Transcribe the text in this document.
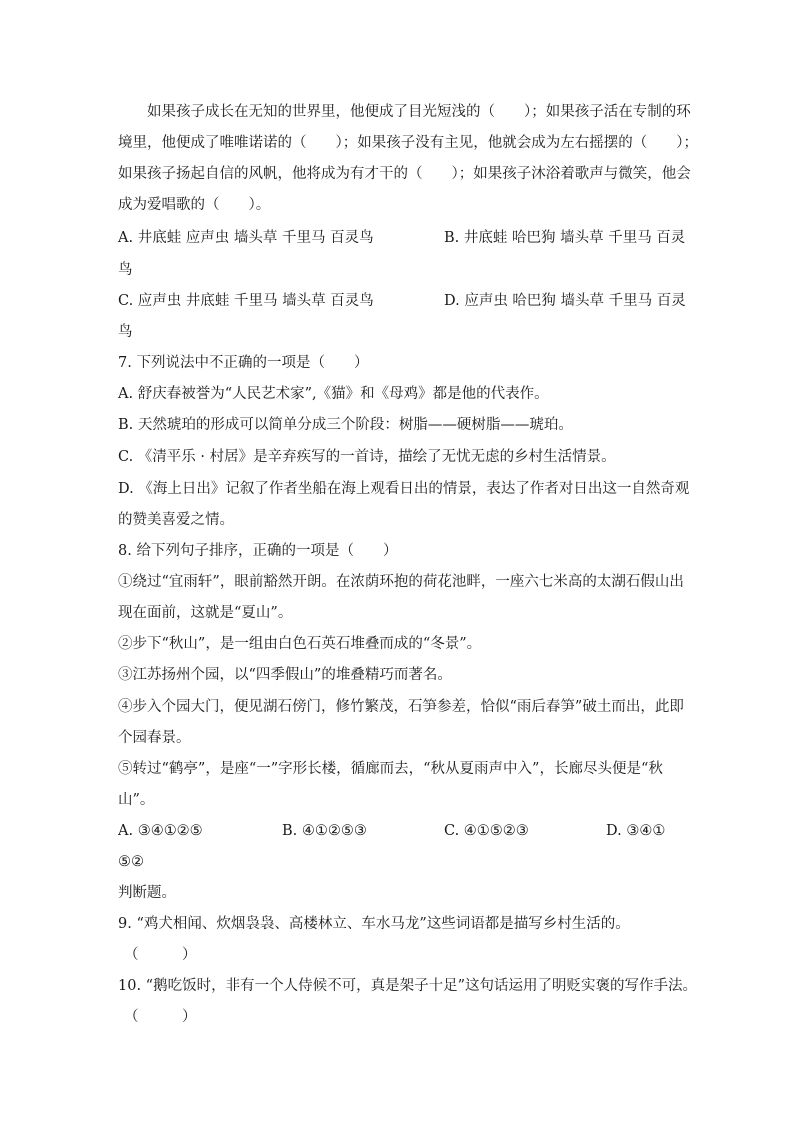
如果孩子成长在无知的世界里，他便成了目光短浅的（　　）；如果孩子活在专制的环
境里，他便成了唯唯诺诺的（　　）；如果孩子没有主见，他就会成为左右摇摆的（　　）；
如果孩子扬起自信的风帆，他将成为有才干的（　　）；如果孩子沐浴着歌声与微笑，他会
成为爱唱歌的（　　）。
A. 井底蛙 应声虫 墙头草 千里马 百灵鸟	B. 井底蛙 哈巴狗 墙头草 千里马 百灵
鸟
C. 应声虫 井底蛙 千里马 墙头草 百灵鸟	D. 应声虫 哈巴狗 墙头草 千里马 百灵
鸟
7. 下列说法中不正确的一项是（　　）
A. 舒庆春被誉为“人民艺术家”,《猫》和《母鸡》都是他的代表作。
B. 天然琥珀的形成可以简单分成三个阶段：树脂——硬树脂——琥珀。
C. 《清平乐 · 村居》是辛弃疾写的一首诗，描绘了无忧无虑的乡村生活情景。
D. 《海上日出》记叙了作者坐船在海上观看日出的情景，表达了作者对日出这一自然奇观
的赞美喜爱之情。
8. 给下列句子排序，正确的一项是（　　）
①绕过“宜雨轩”，眼前豁然开朗。在浓荫环抱的荷花池畔，一座六七米高的太湖石假山出
现在面前，这就是“夏山”。
②步下“秋山”，是一组由白色石英石堆叠而成的“冬景”。
③江苏扬州个园，以“四季假山”的堆叠精巧而著名。
④步入个园大门，便见湖石傍门，修竹繁茂，石笋参差，恰似“雨后春笋”破土而出，此即
个园春景。
⑤转过“鹤亭”，是座“一”字形长楼，循廊而去，“秋从夏雨声中入”，长廊尽头便是“秋
山”。
A. ③④①②⑤	B. ④①②⑤③	C. ④①⑤②③	D. ③④①
⑤②
判断题。
9. “鸡犬相闻、炊烟袅袅、高楼林立、车水马龙”这些词语都是描写乡村生活的。
（　　　）
10. “鹅吃饭时，非有一个人侍候不可，真是架子十足”这句话运用了明贬实褒的写作手法。
（　　　）
